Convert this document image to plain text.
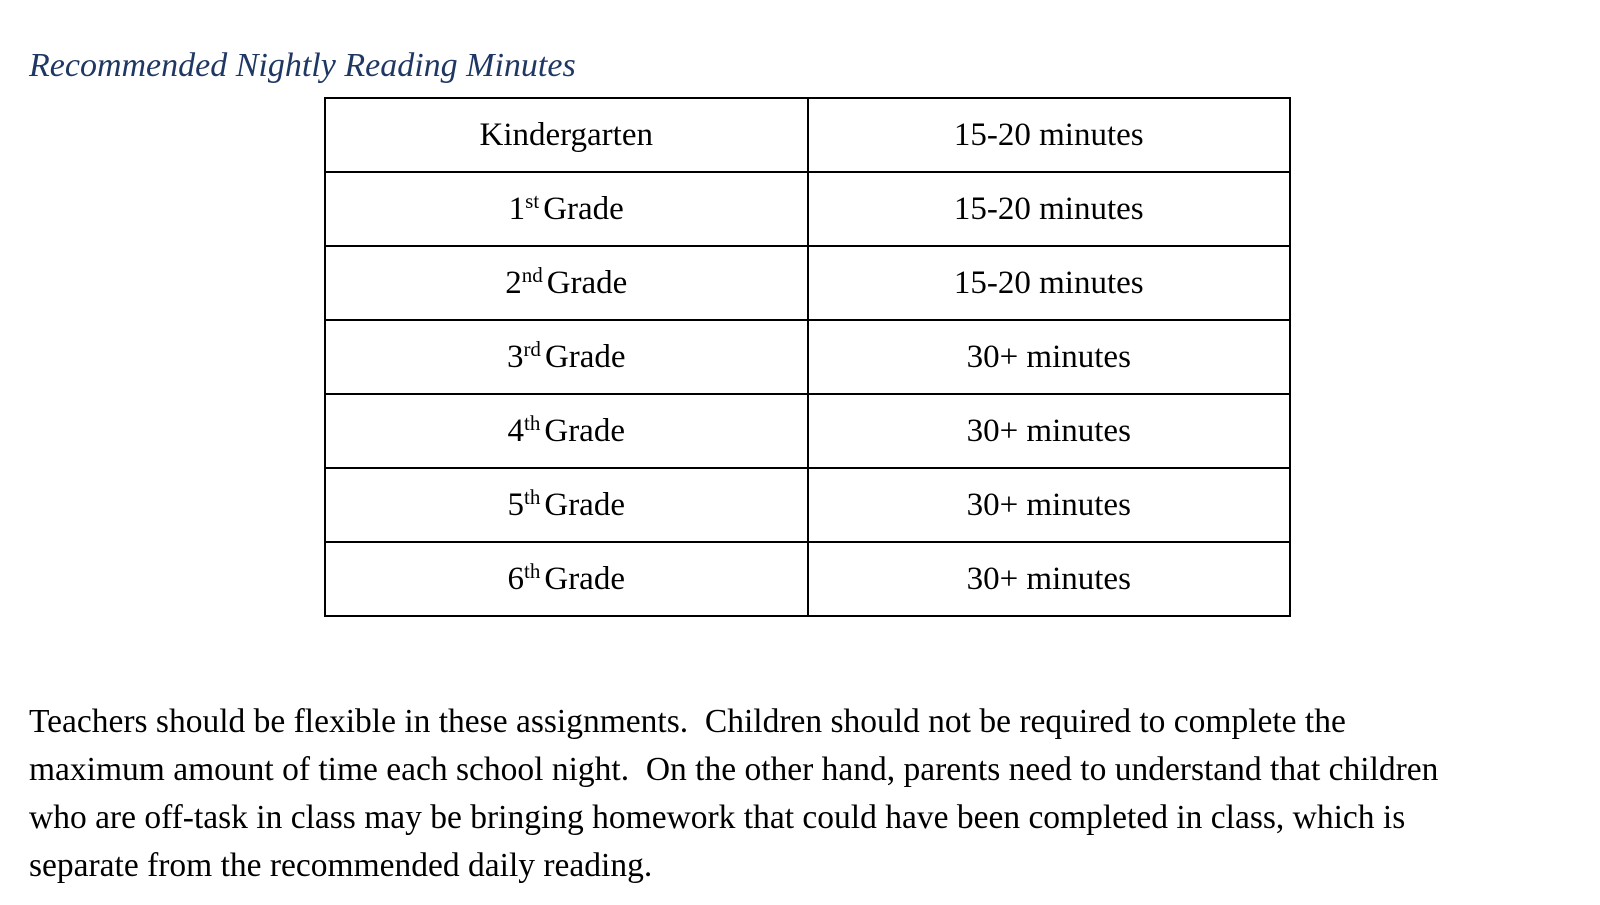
Recommended Nightly Reading Minutes
Kindergarten	15-20 minutes
1st Grade	15-20 minutes
2nd Grade	15-20 minutes
3rd Grade	30+ minutes
4th Grade	30+ minutes
5th Grade	30+ minutes
6th Grade	30+ minutes
Teachers should be flexible in these assignments.  Children should not be required to complete the
maximum amount of time each school night.  On the other hand, parents need to understand that children
who are off-task in class may be bringing homework that could have been completed in class, which is
separate from the recommended daily reading.
